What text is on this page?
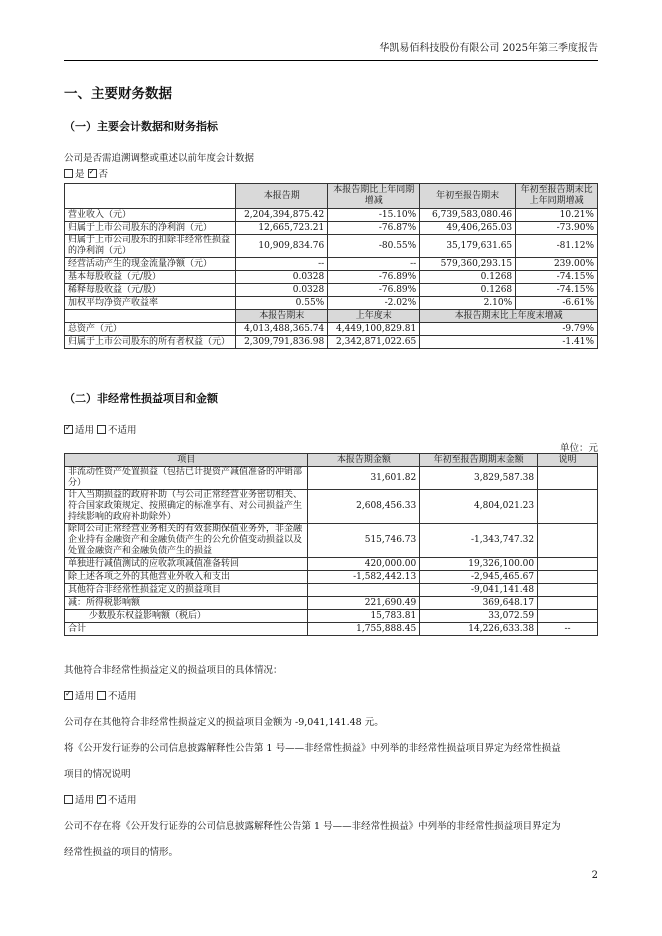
华凯易佰科技股份有限公司 2025年第三季度报告
一、主要财务数据
（一）主要会计数据和财务指标
公司是否需追溯调整或重述以前年度会计数据
是 ✓ 否
	本报告期	本报告期比上年同期增减	年初至报告期末	年初至报告期末比上年同期增减
营业收入（元）	2,204,394,875.42	-15.10%	6,739,583,080.46	10.21%
归属于上市公司股东的净利润（元）	12,665,723.21	-76.87%	49,406,265.03	-73.90%
归属于上市公司股东的扣除非经常性损益的净利润（元）	10,909,834.76	-80.55%	35,179,631.65	-81.12%
经营活动产生的现金流量净额（元）	--	--	579,360,293.15	239.00%
基本每股收益（元/股）	0.0328	-76.89%	0.1268	-74.15%
稀释每股收益（元/股）	0.0328	-76.89%	0.1268	-74.15%
加权平均净资产收益率	0.55%	-2.02%	2.10%	-6.61%
	本报告期末	上年度末	本报告期末比上年度末增减	
总资产（元）	4,013,488,365.74	4,449,100,829.81	-9.79%	
归属于上市公司股东的所有者权益（元）	2,309,791,836.98	2,342,871,022.65	-1.41%	
（二）非经常性损益项目和金额
✓适用 不适用
单位：元
项目	本报告期金额	年初至报告期期末金额	说明
非流动性资产处置损益（包括已计提资产减值准备的冲销部分）	31,601.82	3,829,587.38	
计入当期损益的政府补助（与公司正常经营业务密切相关、符合国家政策规定、按照确定的标准享有、对公司损益产生持续影响的政府补助除外）	2,608,456.33	4,804,021.23	
除同公司正常经营业务相关的有效套期保值业务外，非金融企业持有金融资产和金融负债产生的公允价值变动损益以及处置金融资产和金融负债产生的损益	515,746.73	-1,343,747.32	
单独进行减值测试的应收款项减值准备转回	420,000.00	19,326,100.00	
除上述各项之外的其他营业外收入和支出	-1,582,442.13	-2,945,465.67	
其他符合非经常性损益定义的损益项目		-9,041,141.48	
减：所得税影响额	221,690.49	369,648.17	
少数股东权益影响额（税后）	15,783.81	33,072.59	
合计	1,755,888.45	14,226,633.38	--
其他符合非经常性损益定义的损益项目的具体情况：
✓适用 不适用
公司存在其他符合非经常性损益定义的损益项目金额为 -9,041,141.48 元。
将《公开发行证券的公司信息披露解释性公告第 1 号——非经常性损益》中列举的非经常性损益项目界定为经常性损益
项目的情况说明
适用 ✓ 不适用
公司不存在将《公开发行证券的公司信息披露解释性公告第 1 号——非经常性损益》中列举的非经常性损益项目界定为
经常性损益的项目的情形。
2
